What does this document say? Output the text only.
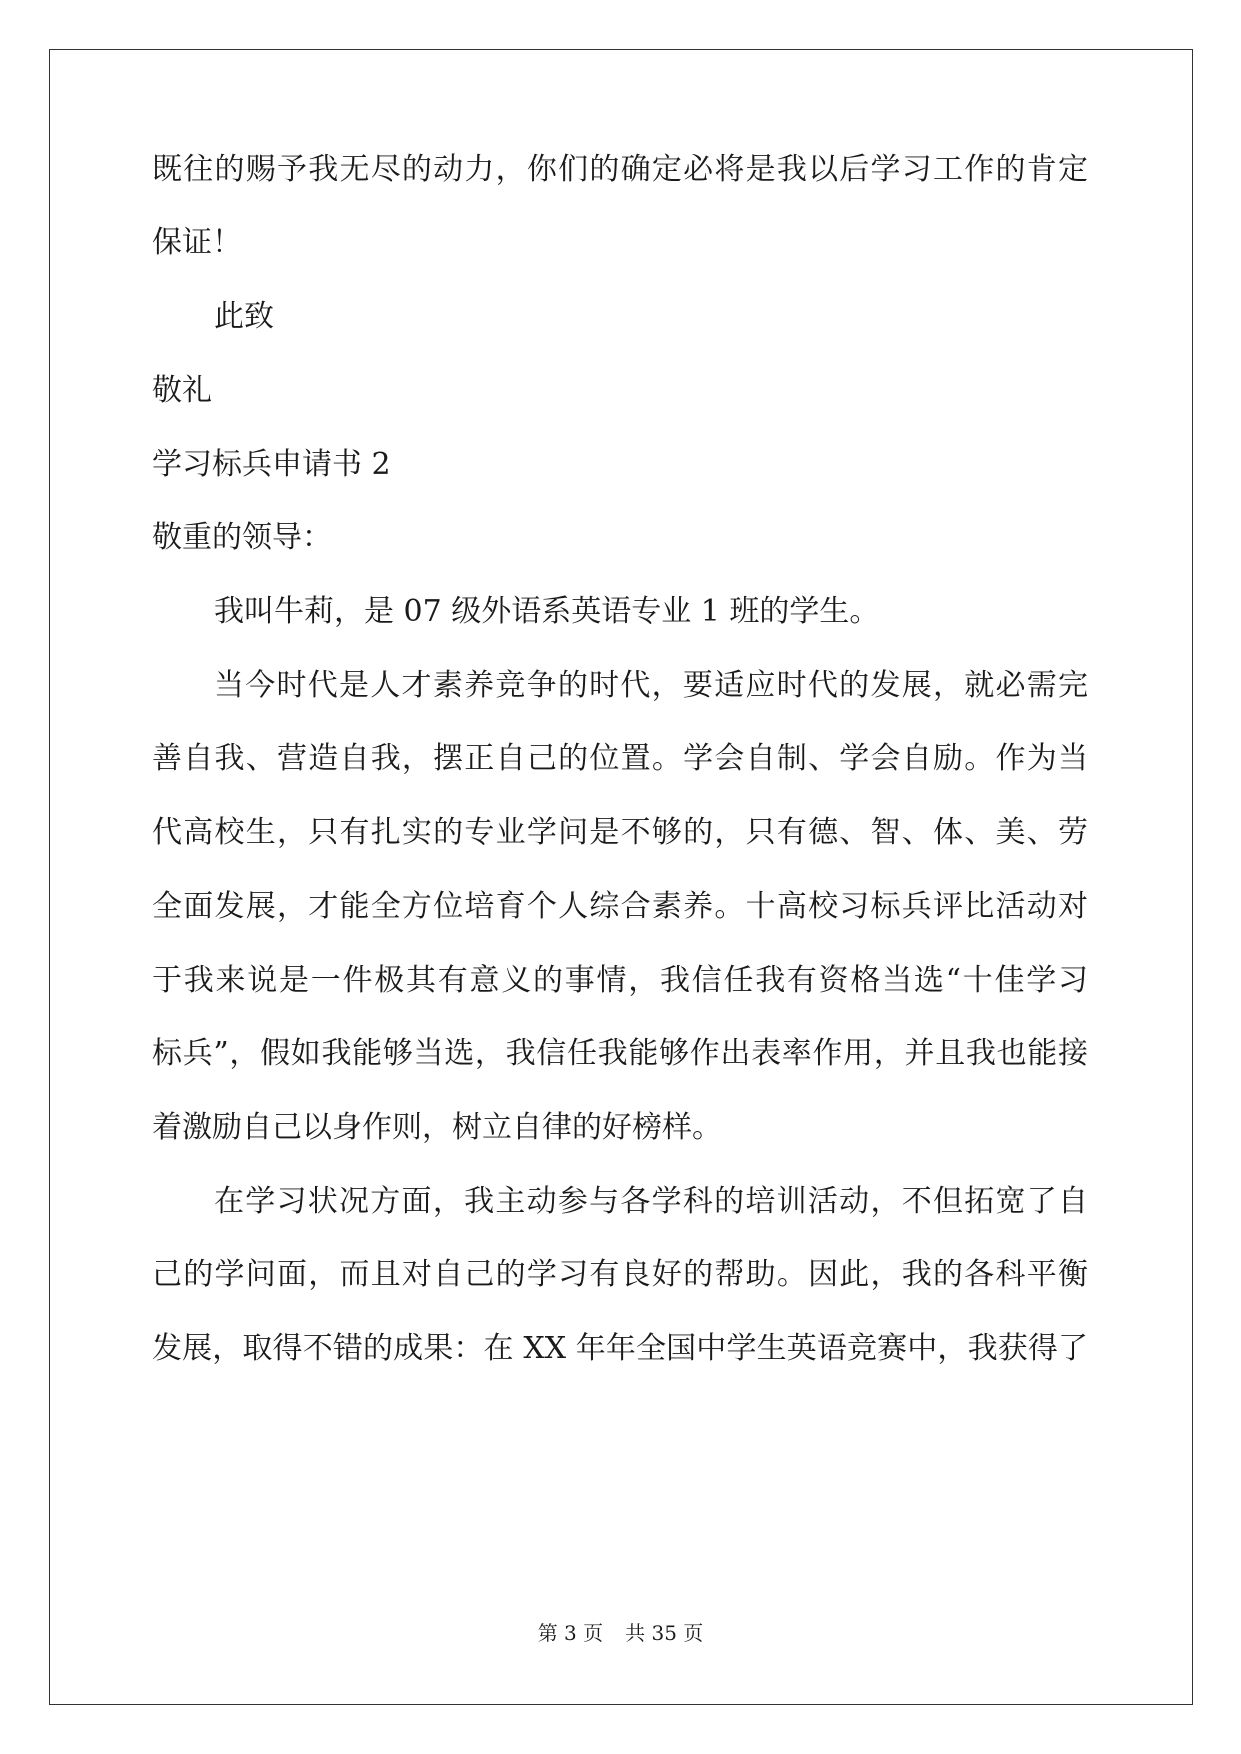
既往的赐予我无尽的动力，你们的确定必将是我以后学习工作的肯定
保证！
此致
敬礼
学习标兵申请书 2
敬重的领导：
我叫牛莉，是 07 级外语系英语专业 1 班的学生。
当今时代是人才素养竞争的时代，要适应时代的发展，就必需完
善自我、营造自我，摆正自己的位置。学会自制、学会自励。作为当
代高校生，只有扎实的专业学问是不够的，只有德、智、体、美、劳
全面发展，才能全方位培育个人综合素养。十高校习标兵评比活动对
于我来说是一件极其有意义的事情，我信任我有资格当选“十佳学习
标兵”，假如我能够当选，我信任我能够作出表率作用，并且我也能接
着激励自己以身作则，树立自律的好榜样。
在学习状况方面，我主动参与各学科的培训活动，不但拓宽了自
己的学问面，而且对自己的学习有良好的帮助。因此，我的各科平衡
发展，取得不错的成果：在 XX 年年全国中学生英语竞赛中，我获得了
第 3 页 共 35 页
